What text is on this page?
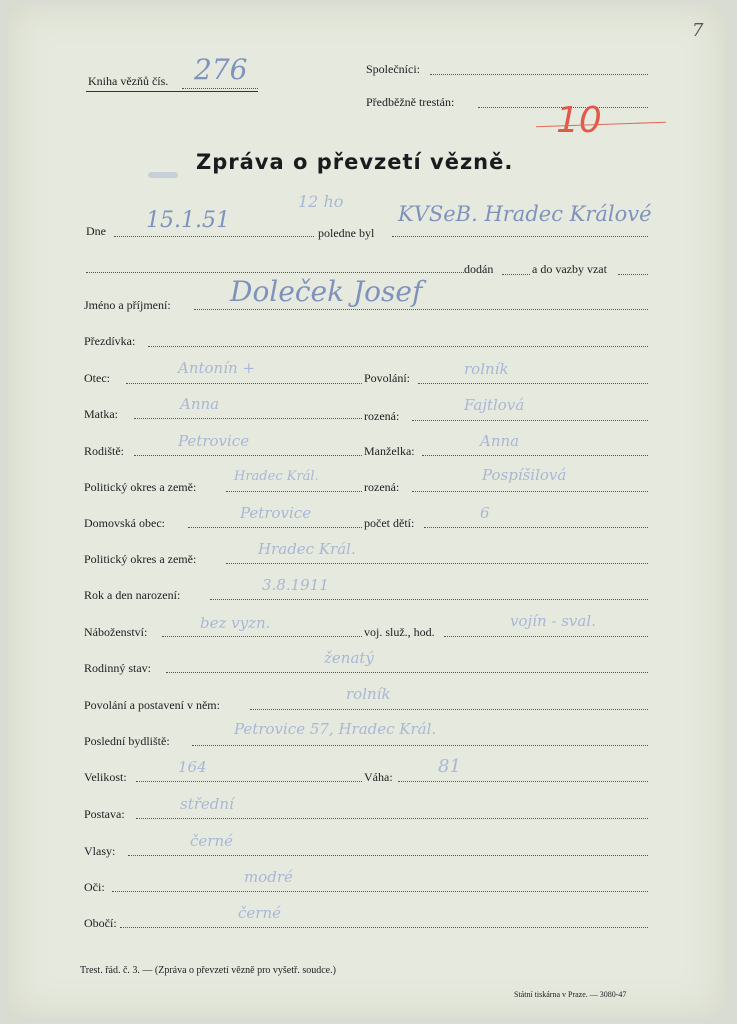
7
Kniha vězňů čís. 276	Společníci:
Předběžně trestán:	10
Zpráva o převzetí vězně.
Dne 15.1.51
12 ho
poledne byl
KVSeB. Hradec Králové
dodán	a do vazby vzat
Jméno a příjmení: Doleček Josef
Přezdívka:
Otec:
Antonín +
Povolání:	rolník
Matka:
Anna
rozená:
Fajtlová
Rodiště:
Petrovice
Manželka:
Anna
Politický okres a země:
Hradec Král.
rozená:
Pospíšilová
Domovská obec:
Petrovice
počet dětí:
6
Politický okres a země:
Hradec Král.
Rok a den narození:
3.8.1911
Náboženství:	bez vyzn.	voj. služ., hod.
vojín - sval.
Rodinný stav:
ženatý
Povolání a postavení v něm:
rolník
Poslední bydliště:
Petrovice 57, Hradec Král.
Velikost:
164
Váha:	81
Postava:
střední
Vlasy:
černé
Oči:
modré
Obočí:
černé
Trest. řád. č. 3. — (Zpráva o převzetí vězně pro vyšetř. soudce.)
Státní tiskárna v Praze. — 3080-47
